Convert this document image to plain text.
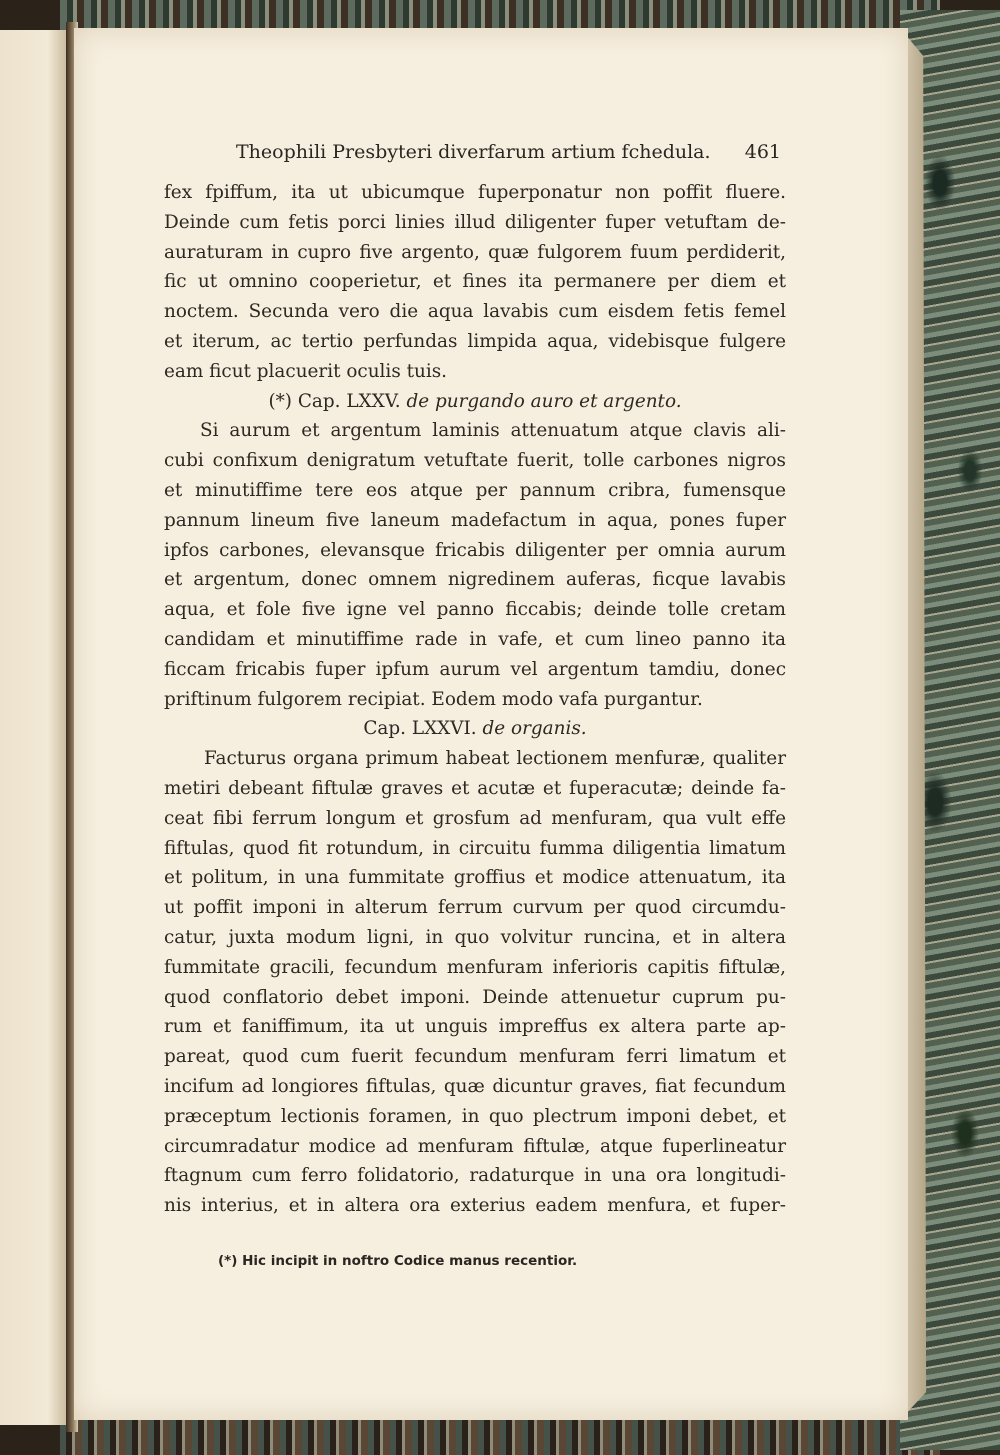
Theophili Presbyteri diverfarum artium fchedula. 461
fex fpiffum, ita ut ubicumque fuperponatur non poffit fluere.
Deinde cum fetis porci linies illud diligenter fuper vetuftam de-
auraturam in cupro five argento, quæ fulgorem fuum perdiderit,
fic ut omnino cooperietur, et fines ita permanere per diem et
noctem. Secunda vero die aqua lavabis cum eisdem fetis femel
et iterum, ac tertio perfundas limpida aqua, videbisque fulgere
eam ficut placuerit oculis tuis.
(*) Cap. LXXV. de purgando auro et argento.
Si aurum et argentum laminis attenuatum atque clavis ali-
cubi confixum denigratum vetuftate fuerit, tolle carbones nigros
et minutiffime tere eos atque per pannum cribra, fumensque
pannum lineum five laneum madefactum in aqua, pones fuper
ipfos carbones, elevansque fricabis diligenter per omnia aurum
et argentum, donec omnem nigredinem auferas, ficque lavabis
aqua, et fole five igne vel panno ficcabis; deinde tolle cretam
candidam et minutiffime rade in vafe, et cum lineo panno ita
ficcam fricabis fuper ipfum aurum vel argentum tamdiu, donec
priftinum fulgorem recipiat. Eodem modo vafa purgantur.
Cap. LXXVI. de organis.
Facturus organa primum habeat lectionem menfuræ, qualiter
metiri debeant fiftulæ graves et acutæ et fuperacutæ; deinde fa-
ceat fibi ferrum longum et grosfum ad menfuram, qua vult effe
fiftulas, quod fit rotundum, in circuitu fumma diligentia limatum
et politum, in una fummitate groffius et modice attenuatum, ita
ut poffit imponi in alterum ferrum curvum per quod circumdu-
catur, juxta modum ligni, in quo volvitur runcina, et in altera
fummitate gracili, fecundum menfuram inferioris capitis fiftulæ,
quod conflatorio debet imponi. Deinde attenuetur cuprum pu-
rum et faniffimum, ita ut unguis impreffus ex altera parte ap-
pareat, quod cum fuerit fecundum menfuram ferri limatum et
incifum ad longiores fiftulas, quæ dicuntur graves, fiat fecundum
præceptum lectionis foramen, in quo plectrum imponi debet, et
circumradatur modice ad menfuram fiftulæ, atque fuperlineatur
ftagnum cum ferro folidatorio, radaturque in una ora longitudi-
nis interius, et in altera ora exterius eadem menfura, et fuper-
(*) Hic incipit in noftro Codice manus recentior.
